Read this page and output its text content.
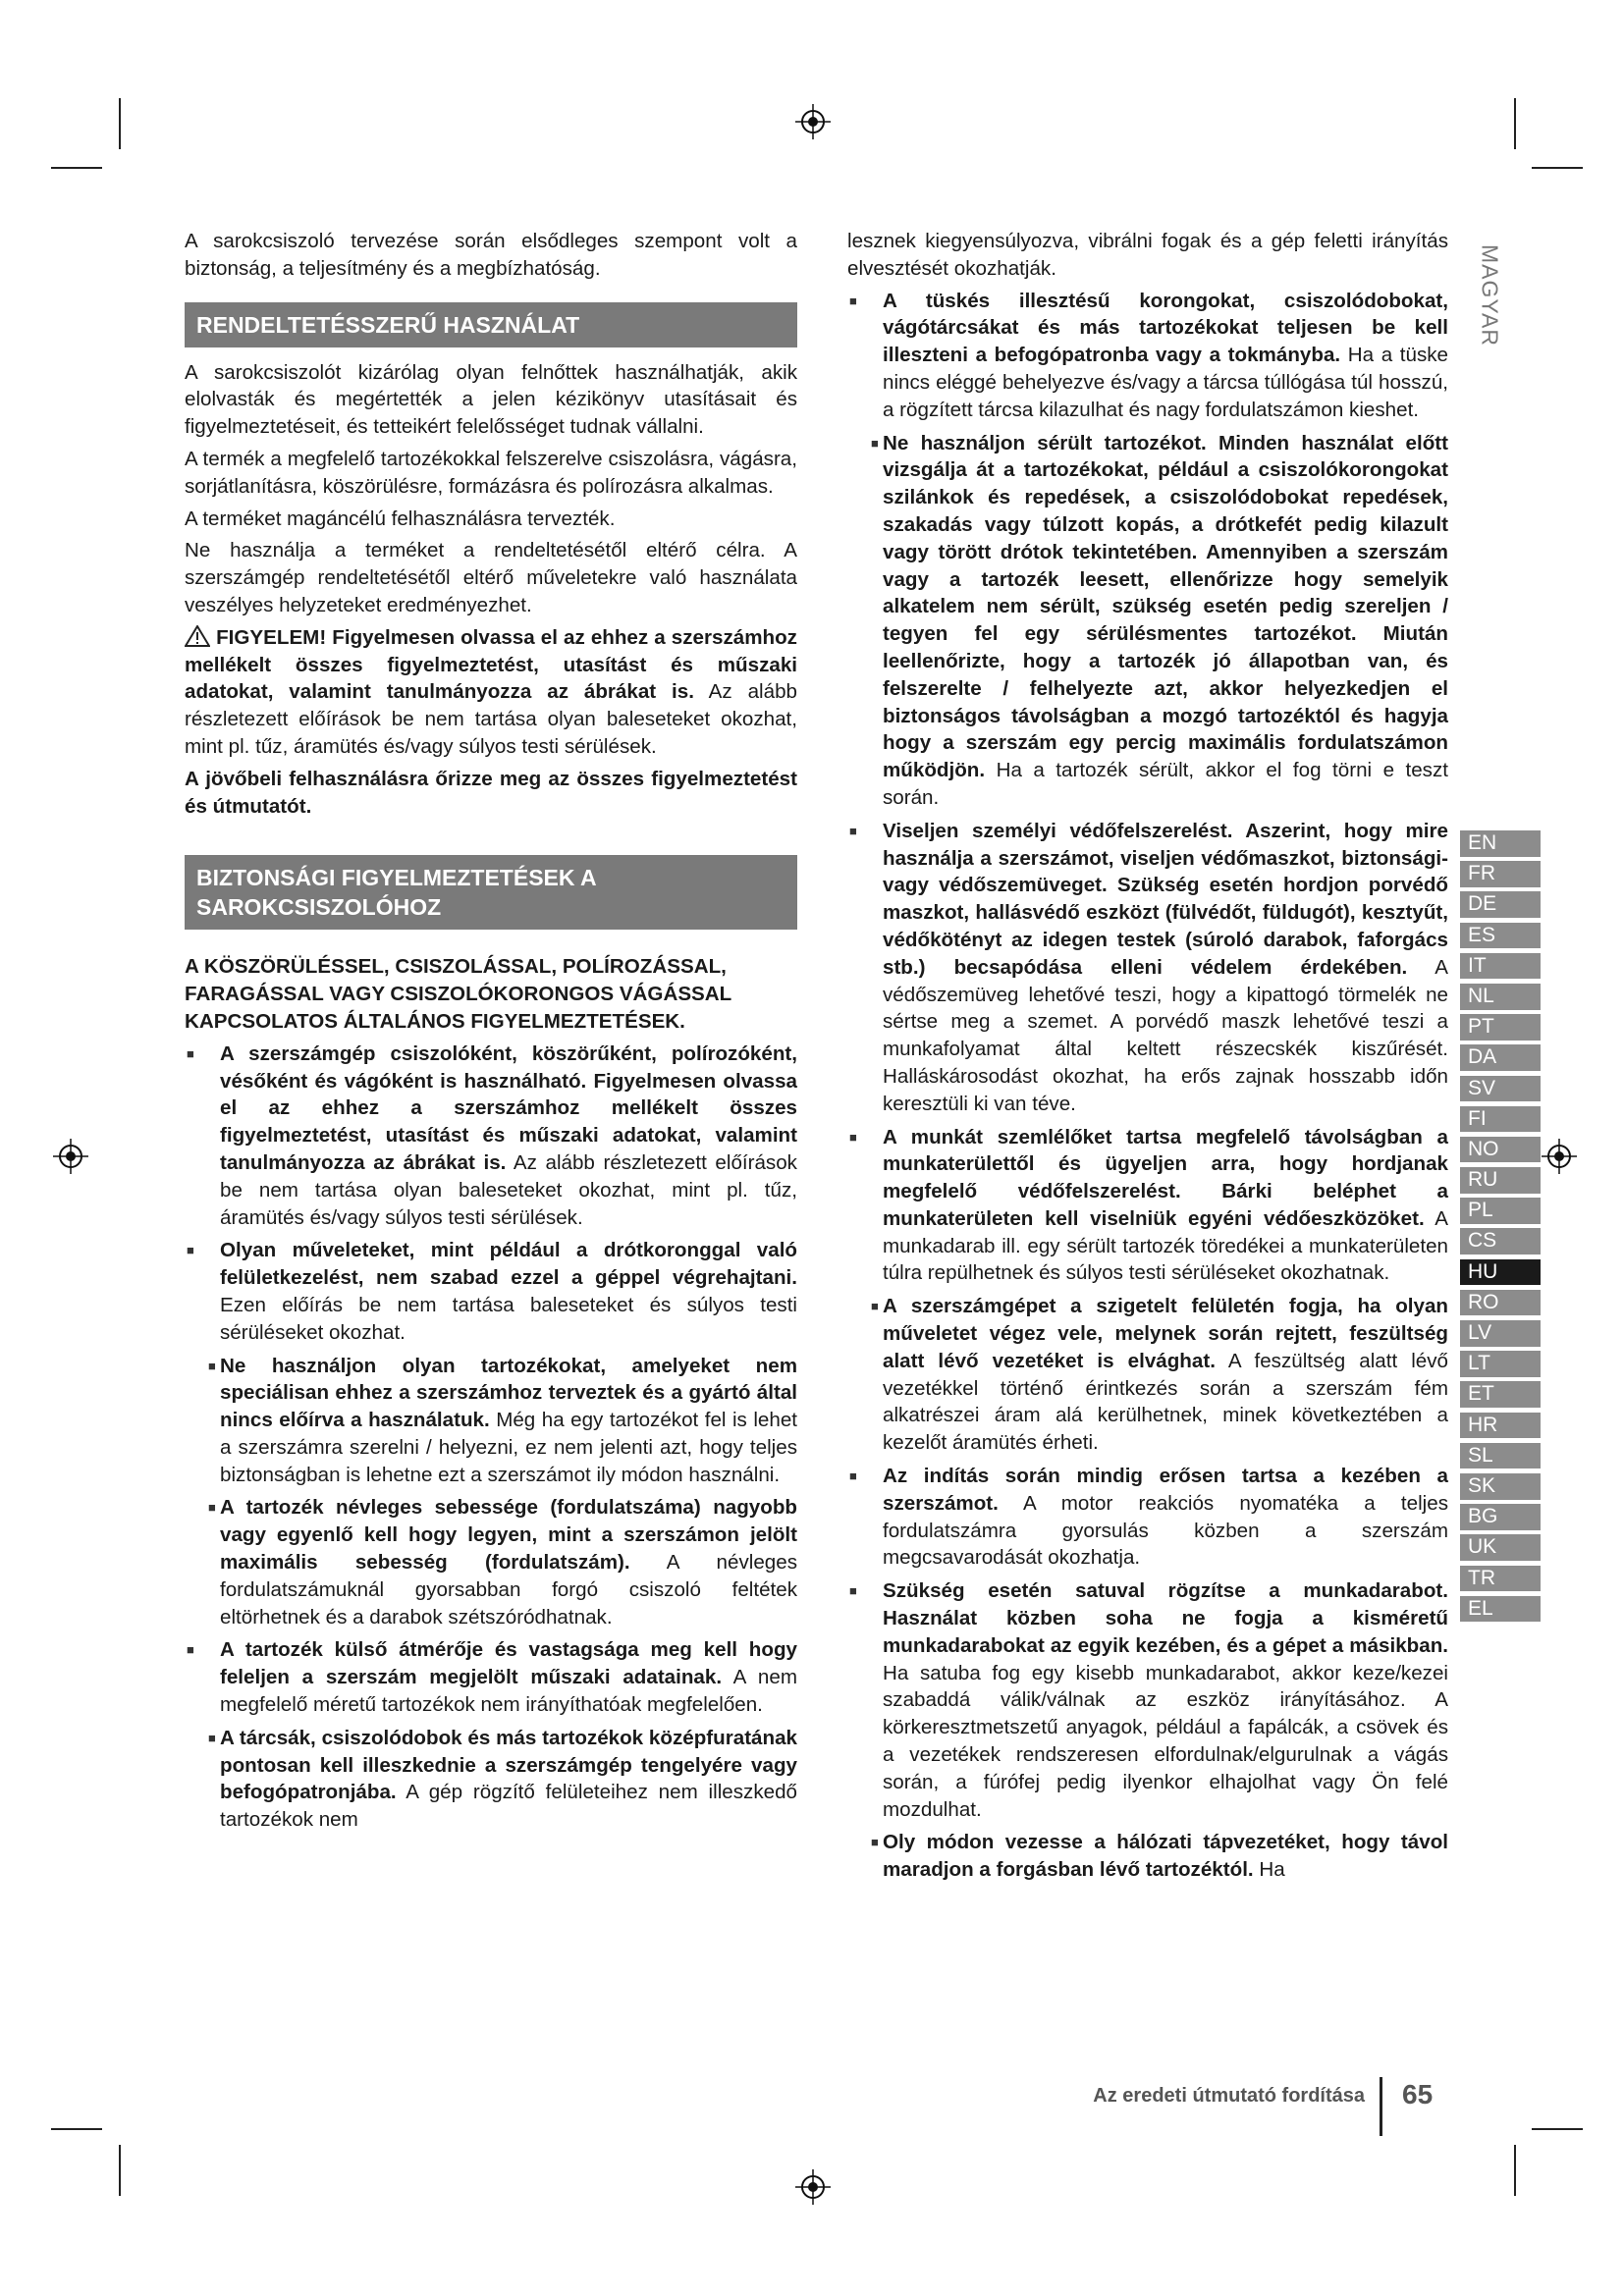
A sarokcsiszoló tervezése során elsődleges szempont volt a biztonság, a teljesítmény és a megbízhatóság.

RENDELTETÉSSZERŰ HASZNÁLAT

A sarokcsiszolót kizárólag olyan felnőttek használhatják, akik elolvasták és megértették a jelen kézikönyv utasításait és figyelmeztetéseit, és tetteikért felelősséget tudnak vállalni.

A termék a megfelelő tartozékokkal felszerelve csiszolásra, vágásra, sorjátlanításra, köszörülésre, formázásra és polírozásra alkalmas.

A terméket magáncélú felhasználásra tervezték.

Ne használja a terméket a rendeltetésétől eltérő célra. A szerszámgép rendeltetésétől eltérő műveletekre való használata veszélyes helyzeteket eredményezhet.

FIGYELEM! Figyelmesen olvassa el az ehhez a szerszámhoz mellékelt összes figyelmeztetést, utasítást és műszaki adatokat, valamint tanulmányozza az ábrákat is. Az alább részletezett előírások be nem tartása olyan baleseteket okozhat, mint pl. tűz, áramütés és/vagy súlyos testi sérülések.

A jövőbeli felhasználásra őrizze meg az összes figyelmeztetést és útmutatót.

BIZTONSÁGI FIGYELMEZTETÉSEK A SAROKCSISZOLÓHOZ

A KÖSZÖRÜLÉSSEL, CSISZOLÁSSAL, POLÍROZÁSSAL, FARAGÁSSAL VAGY CSISZOLÓKORONGOS VÁGÁSSAL KAPCSOLATOS ÁLTALÁNOS FIGYELMEZTETÉSEK.

■ A szerszámgép csiszolóként, köszörűként, polírozóként, vésőként és vágóként is használható. Figyelmesen olvassa el az ehhez a szerszámhoz mellékelt összes figyelmeztetést, utasítást és műszaki adatokat, valamint tanulmányozza az ábrákat is. Az alább részletezett előírások be nem tartása olyan baleseteket okozhat, mint pl. tűz, áramütés és/vagy súlyos testi sérülések.
■ Olyan műveleteket, mint például a drótkoronggal való felületkezelést, nem szabad ezzel a géppel végrehajtani. Ezen előírás be nem tartása baleseteket és súlyos testi sérüléseket okozhat.
■ Ne használjon olyan tartozékokat, amelyeket nem speciálisan ehhez a szerszámhoz terveztek és a gyártó által nincs előírva a használatuk. Még ha egy tartozékot fel is lehet a szerszámra szerelni / helyezni, ez nem jelenti azt, hogy teljes biztonságban is lehetne ezt a szerszámot ily módon használni.
■ A tartozék névleges sebessége (fordulatszáma) nagyobb vagy egyenlő kell hogy legyen, mint a szerszámon jelölt maximális sebesség (fordulatszám). A névleges fordulatszámuknál gyorsabban forgó csiszoló feltétek eltörhetnek és a darabok szétszóródhatnak.
■ A tartozék külső átmérője és vastagsága meg kell hogy feleljen a szerszám megjelölt műszaki adatainak. A nem megfelelő méretű tartozékok nem irányíthatóak megfelelően.
■ A tárcsák, csiszolódobok és más tartozékok középfuratának pontosan kell illeszkednie a szerszámgép tengelyére vagy befogópatronjába. A gép rögzítő felületeihez nem illeszkedő tartozékok nem

lesznek kiegyensúlyozva, vibrálni fogak és a gép feletti irányítás elvesztését okozhatják.

■ A tüskés illesztésű korongokat, csiszolódobokat, vágótárcsákat és más tartozékokat teljesen be kell illeszteni a befogópatronba vagy a tokmányba. Ha a tüske nincs eléggé behelyezve és/vagy a tárcsa túllógása túl hosszú, a rögzített tárcsa kilazulhat és nagy fordulatszámon kieshet.
■ Ne használjon sérült tartozékot. Minden használat előtt vizsgálja át a tartozékokat, például a csiszolókorongokat szilánkok és repedések, a csiszolódobokat repedések, szakadás vagy túlzott kopás, a drótkefét pedig kilazult vagy törött drótok tekintetében. Amennyiben a szerszám vagy a tartozék leesett, ellenőrizze hogy semelyik alkatelem nem sérült, szükség esetén pedig szereljen / tegyen fel egy sérülésmentes tartozékot. Miután leellenőrizte, hogy a tartozék jó állapotban van, és felszerelte / felhelyezte azt, akkor helyezkedjen el biztonságos távolságban a mozgó tartozéktól és hagyja hogy a szerszám egy percig maximális fordulatszámon működjön. Ha a tartozék sérült, akkor el fog törni e teszt során.
■ Viseljen személyi védőfelszerelést. Aszerint, hogy mire használja a szerszámot, viseljen védőmaszkot, biztonsági- vagy védőszemüveget. Szükség esetén hordjon porvédő maszkot, hallásvédő eszközt (fülvédőt, füldugót), kesztyűt, védőkötényt az idegen testek (súroló darabok, faforgács stb.) becsapódása elleni védelem érdekében. A védőszemüveg lehetővé teszi, hogy a kipattogó törmelék ne sértse meg a szemet. A porvédő maszk lehetővé teszi a munkafolyamat által keltett részecskék kiszűrését. Halláskárosodást okozhat, ha erős zajnak hosszabb időn keresztüli ki van téve.
■ A munkát szemlélőket tartsa megfelelő távolságban a munkaterülettől és ügyeljen arra, hogy hordjanak megfelelő védőfelszerelést. Bárki beléphet a munkaterületen kell viselniük egyéni védőeszközöket. A munkadarab ill. egy sérült tartozék töredékei a munkaterületen túlra repülhetnek és súlyos testi sérüléseket okozhatnak.
■ A szerszámgépet a szigetelt felületén fogja, ha olyan műveletet végez vele, melynek során rejtett, feszültség alatt lévő vezetéket is elvághat. A feszültség alatt lévő vezetékkel történő érintkezés során a szerszám fém alkatrészei áram alá kerülhetnek, minek következtében a kezelőt áramütés érheti.
■ Az indítás során mindig erősen tartsa a kezében a szerszámot. A motor reakciós nyomatéka a teljes fordulatszámra gyorsulás közben a szerszám megcsavarodását okozhatja.
■ Szükség esetén satuval rögzítse a munkadarabot. Használat közben soha ne fogja a kisméretű munkadarabokat az egyik kezében, és a gépet a másikban. Ha satuba fog egy kisebb munkadarabot, akkor keze/kezei szabaddá válik/válnak az eszköz irányításához. A körkeresztmetszetű anyagok, például a fapálcák, a csövek és a vezetékek rendszeresen elfordulnak/elgurulnak a vágás során, a fúrófej pedig ilyenkor elhajolhat vagy Ön felé mozdulhat.
■ Oly módon vezesse a hálózati tápvezetéket, hogy távol maradjon a forgásban lévő tartozéktól. Ha
MAGYAR
EN
FR
DE
ES
IT
NL
PT
DA
SV
FI
NO
RU
PL
CS
HU
RO
LV
LT
ET
HR
SL
SK
BG
UK
TR
EL
Az eredeti útmutató fordítása 65
